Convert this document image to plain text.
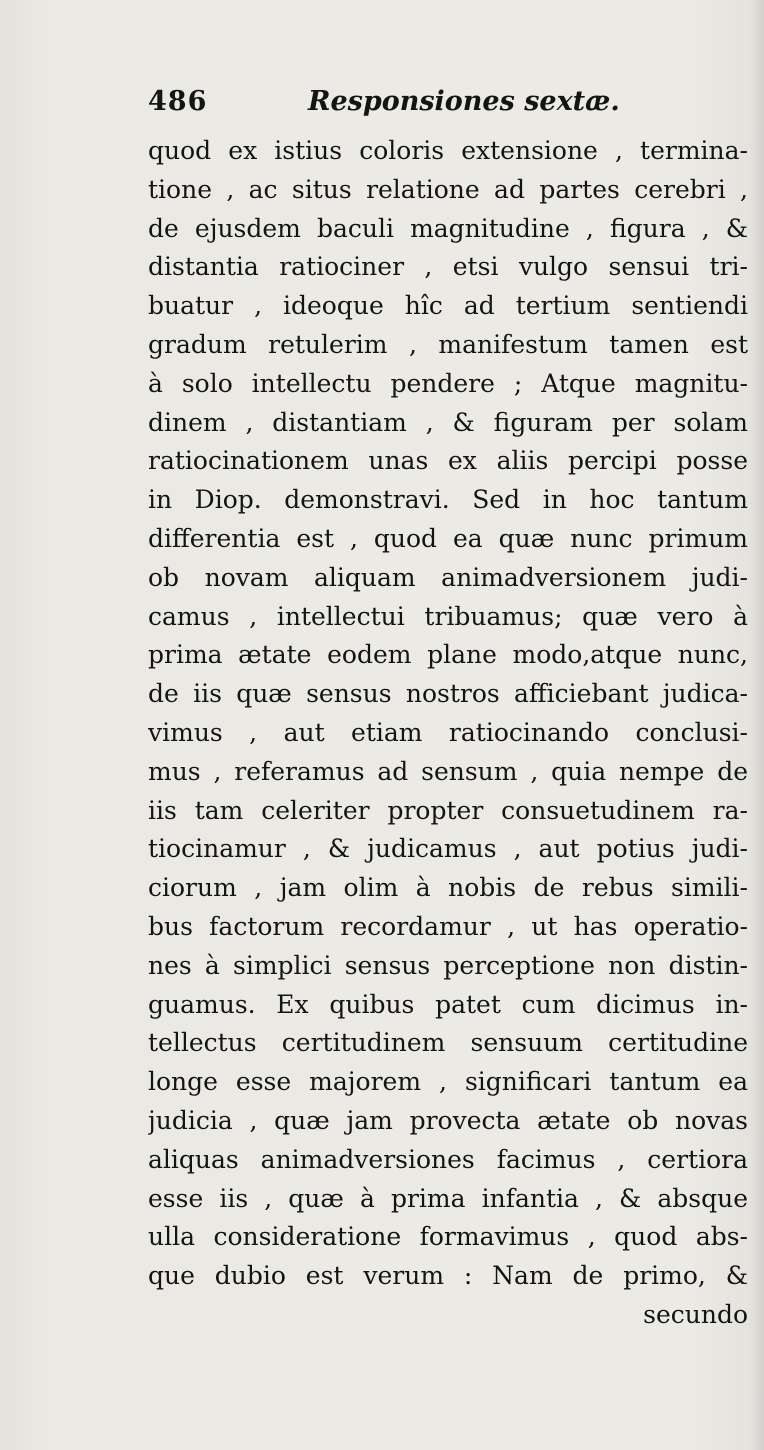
486	Responsiones sextæ.
quod ex istius coloris extensione , termina-
tione , ac situs relatione ad partes cerebri ,
de ejusdem baculi magnitudine , figura , &
distantia ratiociner , etsi vulgo sensui tri-
buatur , ideoque hîc ad tertium sentiendi
gradum retulerim , manifestum tamen est
à solo intellectu pendere ; Atque magnitu-
dinem , distantiam , & figuram per solam
ratiocinationem unas ex aliis percipi posse
in Diop. demonstravi. Sed in hoc tantum
differentia est , quod ea quæ nunc primum
ob novam aliquam animadversionem judi-
camus , intellectui tribuamus; quæ vero à
prima ætate eodem plane modo,atque nunc,
de iis quæ sensus nostros afficiebant judica-
vimus , aut etiam ratiocinando conclusi-
mus , referamus ad sensum , quia nempe de
iis tam celeriter propter consuetudinem ra-
tiocinamur , & judicamus , aut potius judi-
ciorum , jam olim à nobis de rebus simili-
bus factorum recordamur , ut has operatio-
nes à simplici sensus perceptione non distin-
guamus. Ex quibus patet cum dicimus in-
tellectus certitudinem sensuum certitudine
longe esse majorem , significari tantum ea
judicia , quæ jam provecta ætate ob novas
aliquas animadversiones facimus , certiora
esse iis , quæ à prima infantia , & absque
ulla consideratione formavimus , quod abs-
que dubio est verum : Nam de primo, &
secundo
